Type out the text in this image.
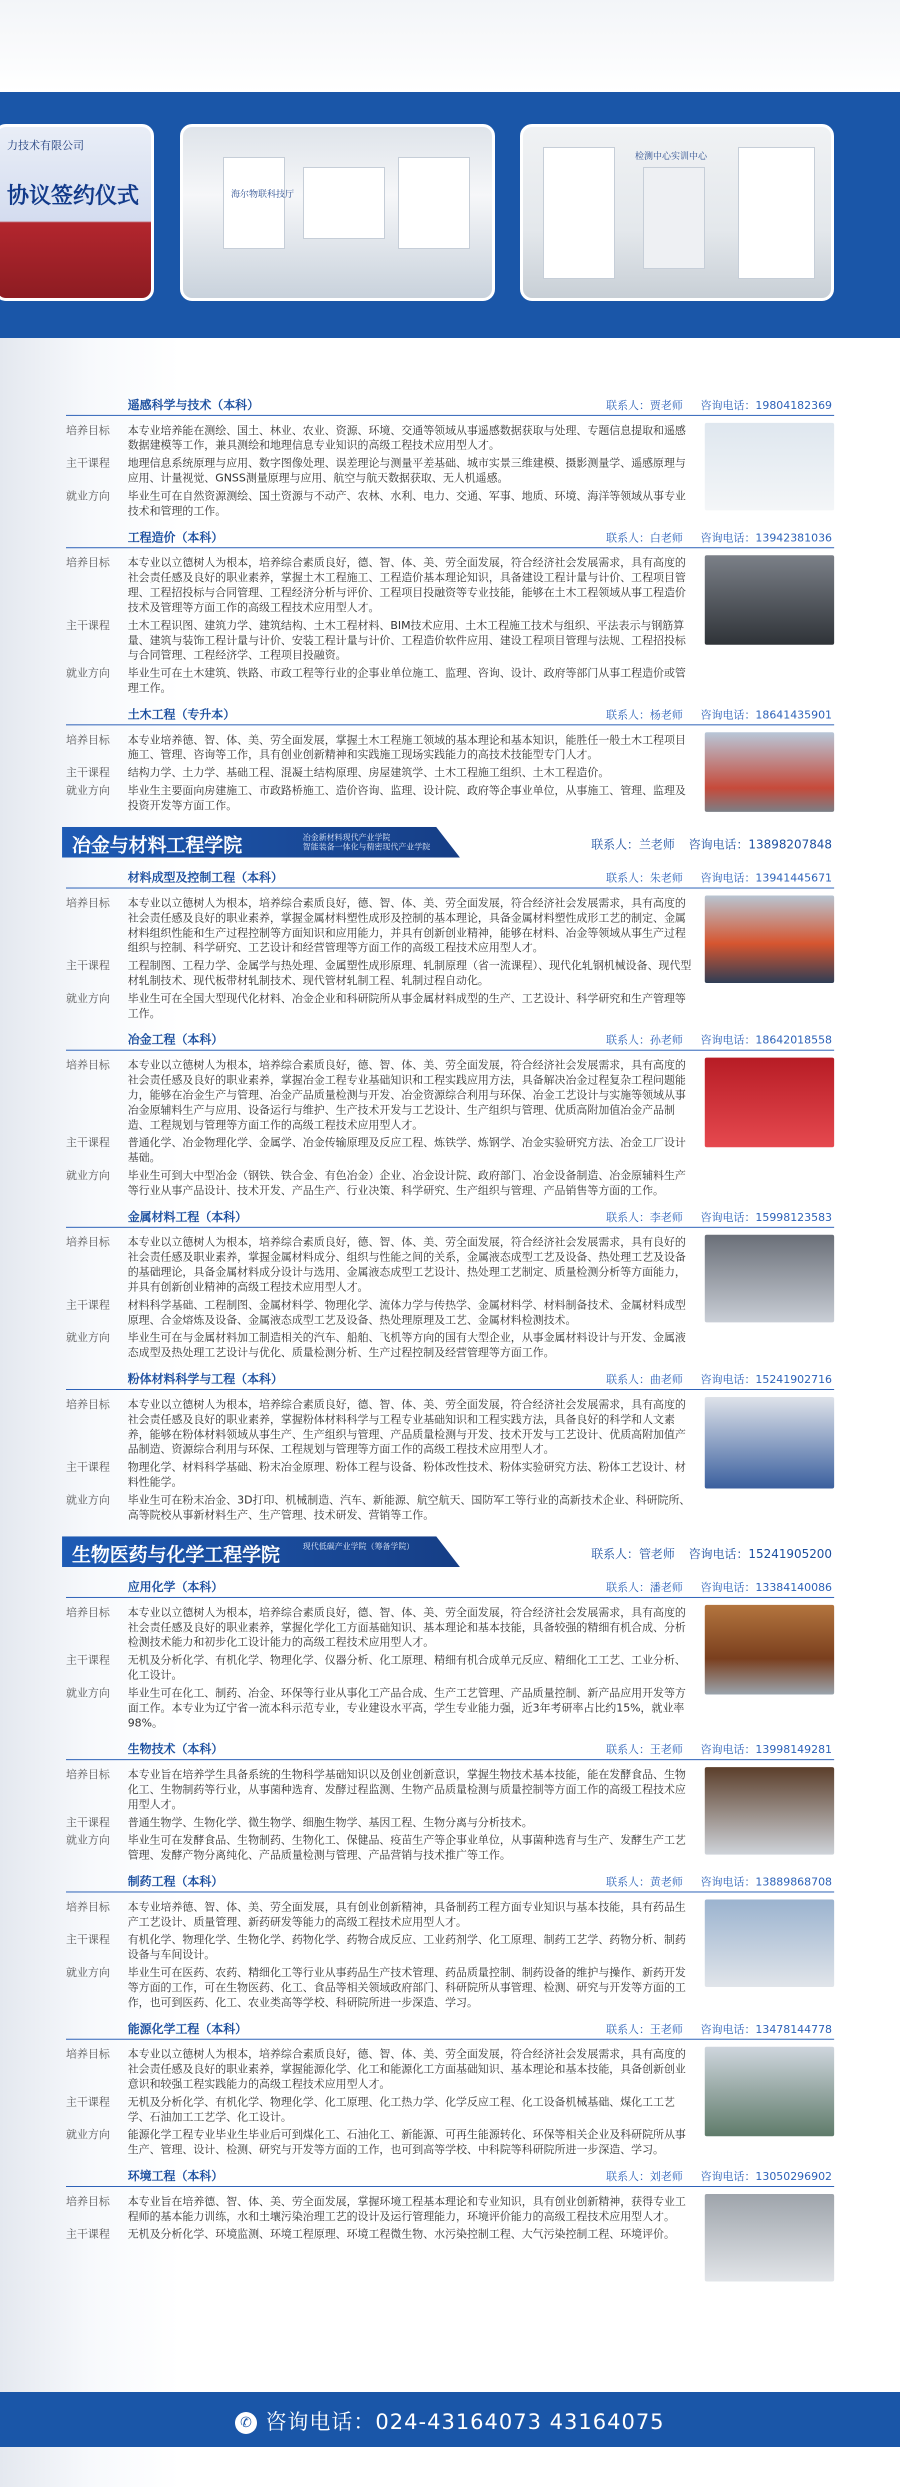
力技术有限公司
协议签约仪式	海尔物联科技厅
检测中心实训中心
遥感科学与技术（本科）	联系人：贾老师 咨询电话：19804182369
培养目标	本专业培养能在测绘、国土、林业、农业、资源、环境、交通等领域从事遥感数据获取与处理、专题信息提取和遥感数据建模等工作，兼具测绘和地理信息专业知识的高级工程技术应用型人才。
主干课程	地理信息系统原理与应用、数字图像处理、误差理论与测量平差基础、城市实景三维建模、摄影测量学、遥感原理与应用、计量视觉、GNSS测量原理与应用、航空与航天数据获取、无人机遥感。
就业方向	毕业生可在自然资源测绘、国土资源与不动产、农林、水利、电力、交通、军事、地质、环境、海洋等领域从事专业技术和管理的工作。
工程造价（本科）	联系人：白老师 咨询电话：13942381036
培养目标	本专业以立德树人为根本，培养综合素质良好，德、智、体、美、劳全面发展，符合经济社会发展需求，具有高度的社会责任感及良好的职业素养，掌握土木工程施工、工程造价基本理论知识，具备建设工程计量与计价、工程项目管理、工程招投标与合同管理、工程经济分析与评价、工程项目投融资等专业技能，能够在土木工程领域从事工程造价技术及管理等方面工作的高级工程技术应用型人才。
主干课程	土木工程识图、建筑力学、建筑结构、土木工程材料、BIM技术应用、土木工程施工技术与组织、平法表示与钢筋算量、建筑与装饰工程计量与计价、安装工程计量与计价、工程造价软件应用、建设工程项目管理与法规、工程招投标与合同管理、工程经济学、工程项目投融资。
就业方向	毕业生可在土木建筑、铁路、市政工程等行业的企事业单位施工、监理、咨询、设计、政府等部门从事工程造价或管理工作。
土木工程（专升本）	联系人：杨老师 咨询电话：18641435901
培养目标	本专业培养德、智、体、美、劳全面发展，掌握土木工程施工领域的基本理论和基本知识，能胜任一般土木工程项目施工、管理、咨询等工作，具有创业创新精神和实践施工现场实践能力的高技术技能型专门人才。
主干课程	结构力学、土力学、基础工程、混凝土结构原理、房屋建筑学、土木工程施工组织、土木工程造价。
就业方向	毕业生主要面向房建施工、市政路桥施工、造价咨询、监理、设计院、政府等企事业单位，从事施工、管理、监理及投资开发等方面工作。
冶金与材料工程学院	冶金新材料现代产业学院
智能装备一体化与精密现代产业学院	联系人：兰老师 咨询电话：13898207848
材料成型及控制工程（本科）	联系人：朱老师 咨询电话：13941445671
培养目标	本专业以立德树人为根本，培养综合素质良好，德、智、体、美、劳全面发展，符合经济社会发展需求，具有高度的社会责任感及良好的职业素养，掌握金属材料塑性成形及控制的基本理论，具备金属材料塑性成形工艺的制定、金属材料组织性能和生产过程控制等方面知识和应用能力，并具有创新创业精神，能够在材料、冶金等领域从事生产过程组织与控制、科学研究、工艺设计和经营管理等方面工作的高级工程技术应用型人才。
主干课程	工程制图、工程力学、金属学与热处理、金属塑性成形原理、轧制原理（省一流课程）、现代化轧钢机械设备、现代型材轧制技术、现代板带材轧制技术、现代管材轧制工程、轧制过程自动化。
就业方向	毕业生可在全国大型现代化材料、冶金企业和科研院所从事金属材料成型的生产、工艺设计、科学研究和生产管理等工作。
冶金工程（本科）	联系人：孙老师 咨询电话：18642018558
培养目标	本专业以立德树人为根本，培养综合素质良好，德、智、体、美、劳全面发展，符合经济社会发展需求，具有高度的社会责任感及良好的职业素养，掌握冶金工程专业基础知识和工程实践应用方法，具备解决冶金过程复杂工程问题能力，能够在冶金生产与管理、冶金产品质量检测与开发、冶金资源综合利用与环保、冶金工艺设计与实施等领域从事冶金原辅料生产与应用、设备运行与维护、生产技术开发与工艺设计、生产组织与管理、优质高附加值冶金产品制造、工程规划与管理等方面工作的高级工程技术应用型人才。
主干课程	普通化学、冶金物理化学、金属学、冶金传输原理及反应工程、炼铁学、炼钢学、冶金实验研究方法、冶金工厂设计基础。
就业方向	毕业生可到大中型冶金（钢铁、铁合金、有色冶金）企业、冶金设计院、政府部门、冶金设备制造、冶金原辅料生产等行业从事产品设计、技术开发、产品生产、行业决策、科学研究、生产组织与管理、产品销售等方面的工作。
金属材料工程（本科）	联系人：李老师 咨询电话：15998123583
培养目标	本专业以立德树人为根本，培养综合素质良好，德、智、体、美、劳全面发展，符合经济社会发展需求，具有良好的社会责任感及职业素养，掌握金属材料成分、组织与性能之间的关系，金属液态成型工艺及设备、热处理工艺及设备的基础理论，具备金属材料成分设计与选用、金属液态成型工艺设计、热处理工艺制定、质量检测分析等方面能力，并具有创新创业精神的高级工程技术应用型人才。
主干课程	材料科学基础、工程制图、金属材料学、物理化学、流体力学与传热学、金属材料学、材料制备技术、金属材料成型原理、合金熔炼及设备、金属液态成型工艺及设备、热处理原理及工艺、金属材料检测技术。
就业方向	毕业生可在与金属材料加工制造相关的汽车、船舶、飞机等方向的国有大型企业，从事金属材料设计与开发、金属液态成型及热处理工艺设计与优化、质量检测分析、生产过程控制及经营管理等方面工作。
粉体材料科学与工程（本科）	联系人：曲老师 咨询电话：15241902716
培养目标	本专业以立德树人为根本，培养综合素质良好，德、智、体、美、劳全面发展，符合经济社会发展需求，具有高度的社会责任感及良好的职业素养，掌握粉体材料科学与工程专业基础知识和工程实践方法，具备良好的科学和人文素养，能够在粉体材料领域从事生产、生产组织与管理、产品质量检测与开发、技术开发与工艺设计、优质高附加值产品制造、资源综合利用与环保、工程规划与管理等方面工作的高级工程技术应用型人才。
主干课程	物理化学、材料科学基础、粉末冶金原理、粉体工程与设备、粉体改性技术、粉体实验研究方法、粉体工艺设计、材料性能学。
就业方向	毕业生可在粉末冶金、3D打印、机械制造、汽车、新能源、航空航天、国防军工等行业的高新技术企业、科研院所、高等院校从事新材料生产、生产管理、技术研发、营销等工作。
生物医药与化学工程学院	现代低碳产业学院（筹备学院）

联系人：管老师 咨询电话：15241905200
应用化学（本科）	联系人：潘老师 咨询电话：13384140086
培养目标	本专业以立德树人为根本，培养综合素质良好，德、智、体、美、劳全面发展，符合经济社会发展需求，具有高度的社会责任感及良好的职业素养，掌握化学化工方面基础知识、基本理论和基本技能，具备较强的精细有机合成、分析检测技术能力和初步化工设计能力的高级工程技术应用型人才。
主干课程	无机及分析化学、有机化学、物理化学、仪器分析、化工原理、精细有机合成单元反应、精细化工工艺、工业分析、化工设计。
就业方向	毕业生可在化工、制药、冶金、环保等行业从事化工产品合成、生产工艺管理、产品质量控制、新产品应用开发等方面工作。本专业为辽宁省一流本科示范专业，专业建设水平高，学生专业能力强，近3年考研率占比约15%，就业率98%。
生物技术（本科）	联系人：王老师 咨询电话：13998149281
培养目标	本专业旨在培养学生具备系统的生物科学基础知识以及创业创新意识，掌握生物技术基本技能，能在发酵食品、生物化工、生物制药等行业，从事菌种选育、发酵过程监测、生物产品质量检测与质量控制等方面工作的高级工程技术应用型人才。
主干课程	普通生物学、生物化学、微生物学、细胞生物学、基因工程、生物分离与分析技术。
就业方向	毕业生可在发酵食品、生物制药、生物化工、保健品、疫苗生产等企事业单位，从事菌种选育与生产、发酵生产工艺管理、发酵产物分离纯化、产品质量检测与管理、产品营销与技术推广等工作。
制药工程（本科）	联系人：黄老师 咨询电话：13889868708
培养目标	本专业培养德、智、体、美、劳全面发展，具有创业创新精神，具备制药工程方面专业知识与基本技能，具有药品生产工艺设计、质量管理、新药研发等能力的高级工程技术应用型人才。
主干课程	有机化学、物理化学、生物化学、药物化学、药物合成反应、工业药剂学、化工原理、制药工艺学、药物分析、制药设备与车间设计。
就业方向	毕业生可在医药、农药、精细化工等行业从事药品生产技术管理、药品质量控制、制药设备的维护与操作、新药开发等方面的工作，可在生物医药、化工、食品等相关领域政府部门、科研院所从事管理、检测、研究与开发等方面的工作，也可到医药、化工、农业类高等学校、科研院所进一步深造、学习。
能源化学工程（本科）	联系人：王老师 咨询电话：13478144778
培养目标	本专业以立德树人为根本，培养综合素质良好，德、智、体、美、劳全面发展，符合经济社会发展需求，具有高度的社会责任感及良好的职业素养，掌握能源化学、化工和能源化工方面基础知识、基本理论和基本技能，具备创新创业意识和较强工程实践能力的高级工程技术应用型人才。
主干课程	无机及分析化学、有机化学、物理化学、化工原理、化工热力学、化学反应工程、化工设备机械基础、煤化工工艺学、石油加工工艺学、化工设计。
就业方向	能源化学工程专业毕业生毕业后可到煤化工、石油化工、新能源、可再生能源转化、环保等相关企业及科研院所从事生产、管理、设计、检测、研究与开发等方面的工作，也可到高等学校、中科院等科研院所进一步深造、学习。
环境工程（本科）	联系人：刘老师 咨询电话：13050296902
培养目标	本专业旨在培养德、智、体、美、劳全面发展，掌握环境工程基本理论和专业知识，具有创业创新精神，获得专业工程师的基本能力训练，水和土壤污染治理工艺的设计及运行管理能力，环境评价能力的高级工程技术应用型人才。
主干课程	无机及分析化学、环境监测、环境工程原理、环境工程微生物、水污染控制工程、大气污染控制工程、环境评价。
✆ 咨询电话：024-43164073 43164075
